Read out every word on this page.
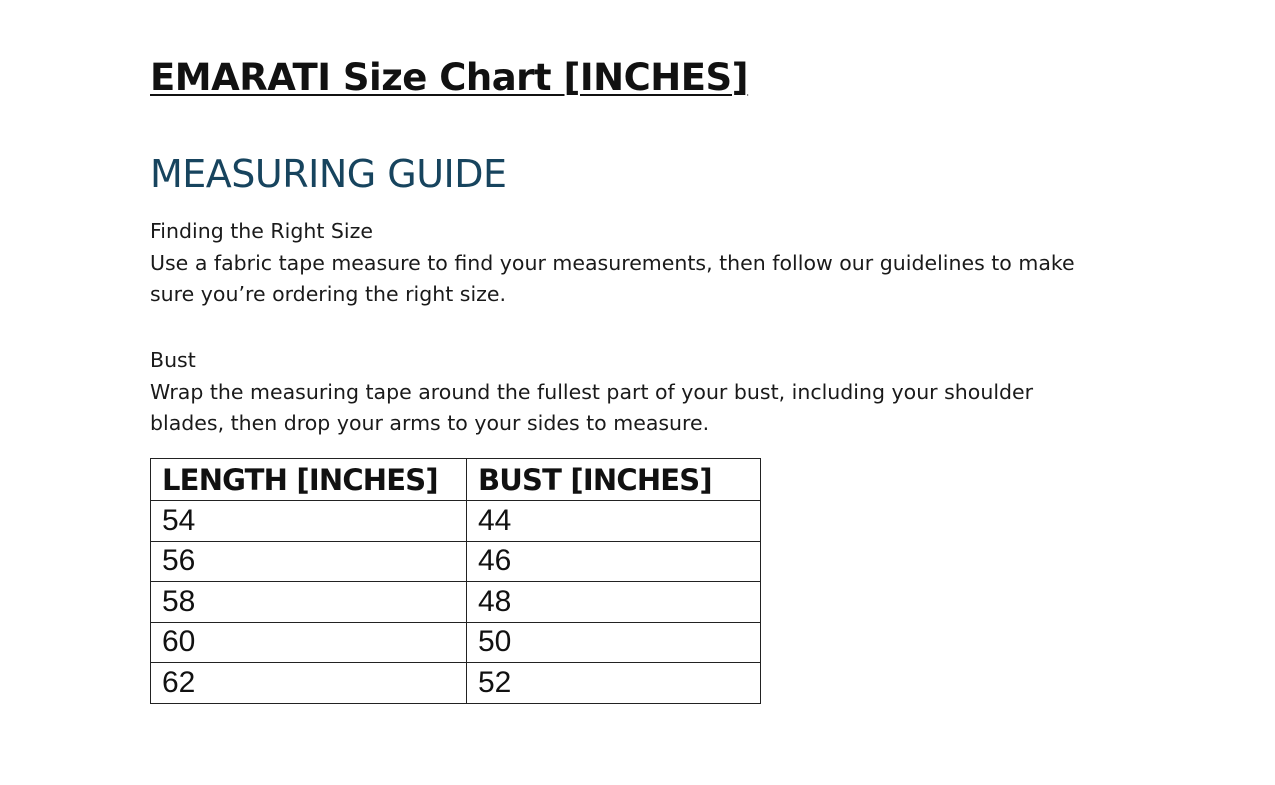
EMARATI Size Chart [INCHES]
MEASURING GUIDE

Finding the Right Size
Use a fabric tape measure to find your measurements, then follow our guidelines to make
sure you’re ordering the right size.

Bust
Wrap the measuring tape around the fullest part of your bust, including your shoulder
blades, then drop your arms to your sides to measure.

LENGTH [INCHES]	BUST [INCHES]
54	44
56	46
58	48
60	50
62	52
